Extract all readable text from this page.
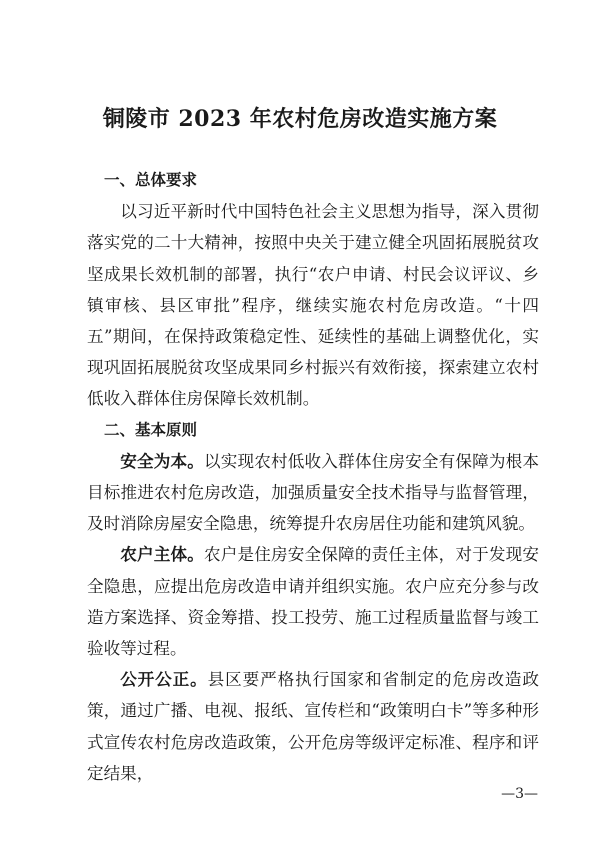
铜陵市 2023 年农村危房改造实施方案

一、总体要求

以习近平新时代中国特色社会主义思想为指导，深入贯彻落实党的二十大精神，按照中央关于建立健全巩固拓展脱贫攻坚成果长效机制的部署，执行“农户申请、村民会议评议、乡镇审核、县区审批”程序，继续实施农村危房改造。“十四五”期间，在保持政策稳定性、延续性的基础上调整优化，实现巩固拓展脱贫攻坚成果同乡村振兴有效衔接，探索建立农村低收入群体住房保障长效机制。

二、基本原则

安全为本。以实现农村低收入群体住房安全有保障为根本目标推进农村危房改造，加强质量安全技术指导与监督管理，及时消除房屋安全隐患，统筹提升农房居住功能和建筑风貌。

农户主体。农户是住房安全保障的责任主体，对于发现安全隐患，应提出危房改造申请并组织实施。农户应充分参与改造方案选择、资金筹措、投工投劳、施工过程质量监督与竣工验收等过程。

公开公正。县区要严格执行国家和省制定的危房改造政策，通过广播、电视、报纸、宣传栏和“政策明白卡”等多种形式宣传农村危房改造政策，公开危房等级评定标准、程序和评定结果，

—3—
